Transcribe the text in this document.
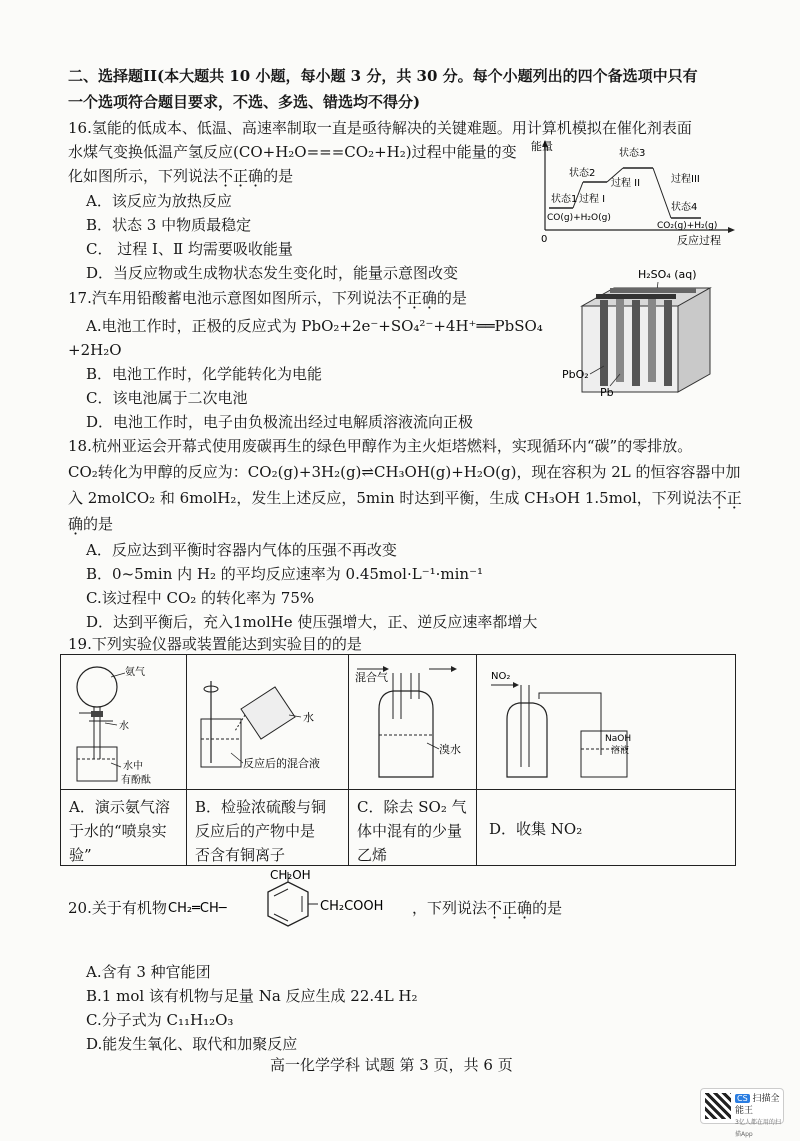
二、选择题II(本大题共 10 小题，每小题 3 分，共 30 分。每个小题列出的四个备选项中只有
一个选项符合题目要求，不选、多选、错选均不得分)
16.氢能的低成本、低温、高速率制取一直是亟待解决的关键难题。用计算机模拟在催化剂表面
水煤气变换低温产氢反应(CO+H₂O===CO₂+H₂)过程中能量的变
化如图所示，下列说法不正确的是
A．该反应为放热反应
B．状态 3 中物质最稳定
C． 过程 Ⅰ、Ⅱ 均需要吸收能量
D．当反应物或生成物状态发生变化时，能量示意图改变
能量
0	反应过程
状态1
状态2
状态3
状态4
过程 I
过程 II	过程III
CO(g)+H₂O(g)
CO₂(g)+H₂(g)
17.汽车用铅酸蓄电池示意图如图所示，下列说法不正确的是
A.电池工作时，正极的反应式为 PbO₂+2e⁻+SO₄²⁻+4H⁺══PbSO₄
+2H₂O
B．电池工作时，化学能转化为电能
C．该电池属于二次电池
D．电池工作时，电子由负极流出经过电解质溶液流向正极
H₂SO₄ (aq)
PbO₂
Pb
18.杭州亚运会开幕式使用废碳再生的绿色甲醇作为主火炬塔燃料，实现循环内“碳”的零排放。
CO₂转化为甲醇的反应为：CO₂(g)+3H₂(g)⇌CH₃OH(g)+H₂O(g)，现在容积为 2L 的恒容容器中加
入 2molCO₂ 和 6molH₂，发生上述反应，5min 时达到平衡，生成 CH₃OH 1.5mol，下列说法不正
确的是
A．反应达到平衡时容器内气体的压强不再改变
B．0~5min 内 H₂ 的平均反应速率为 0.45mol·L⁻¹·min⁻¹
C.该过程中 CO₂ 的转化率为 75%
D．达到平衡后，充入1molHe 使压强增大，正、逆反应速率都增大
19.下列实验仪器或装置能达到实验目的的是
氨气
水
水中
有酚酞
A．演示氨气溶
于水的“喷泉实
验”
水
反应后的混合液
B．检验浓硫酸与铜
反应后的产物中是
否含有铜离子
混合气
溴水
C．除去 SO₂ 气
体中混有的少量
乙烯
NO₂
NaOH
溶液
D．收集 NO₂
20.关于有机物 CH₂═CH─
CH₂OH
CH₂COOH ，下列说法不正确的是
A.含有 3 种官能团
B.1 mol 该有机物与足量 Na 反应生成 22.4L H₂
C.分子式为 C₁₁H₁₂O₃
D.能发生氧化、取代和加聚反应
高一化学学科 试题 第 3 页，共 6 页
CS 扫描全能王
3亿人都在用的扫描App
